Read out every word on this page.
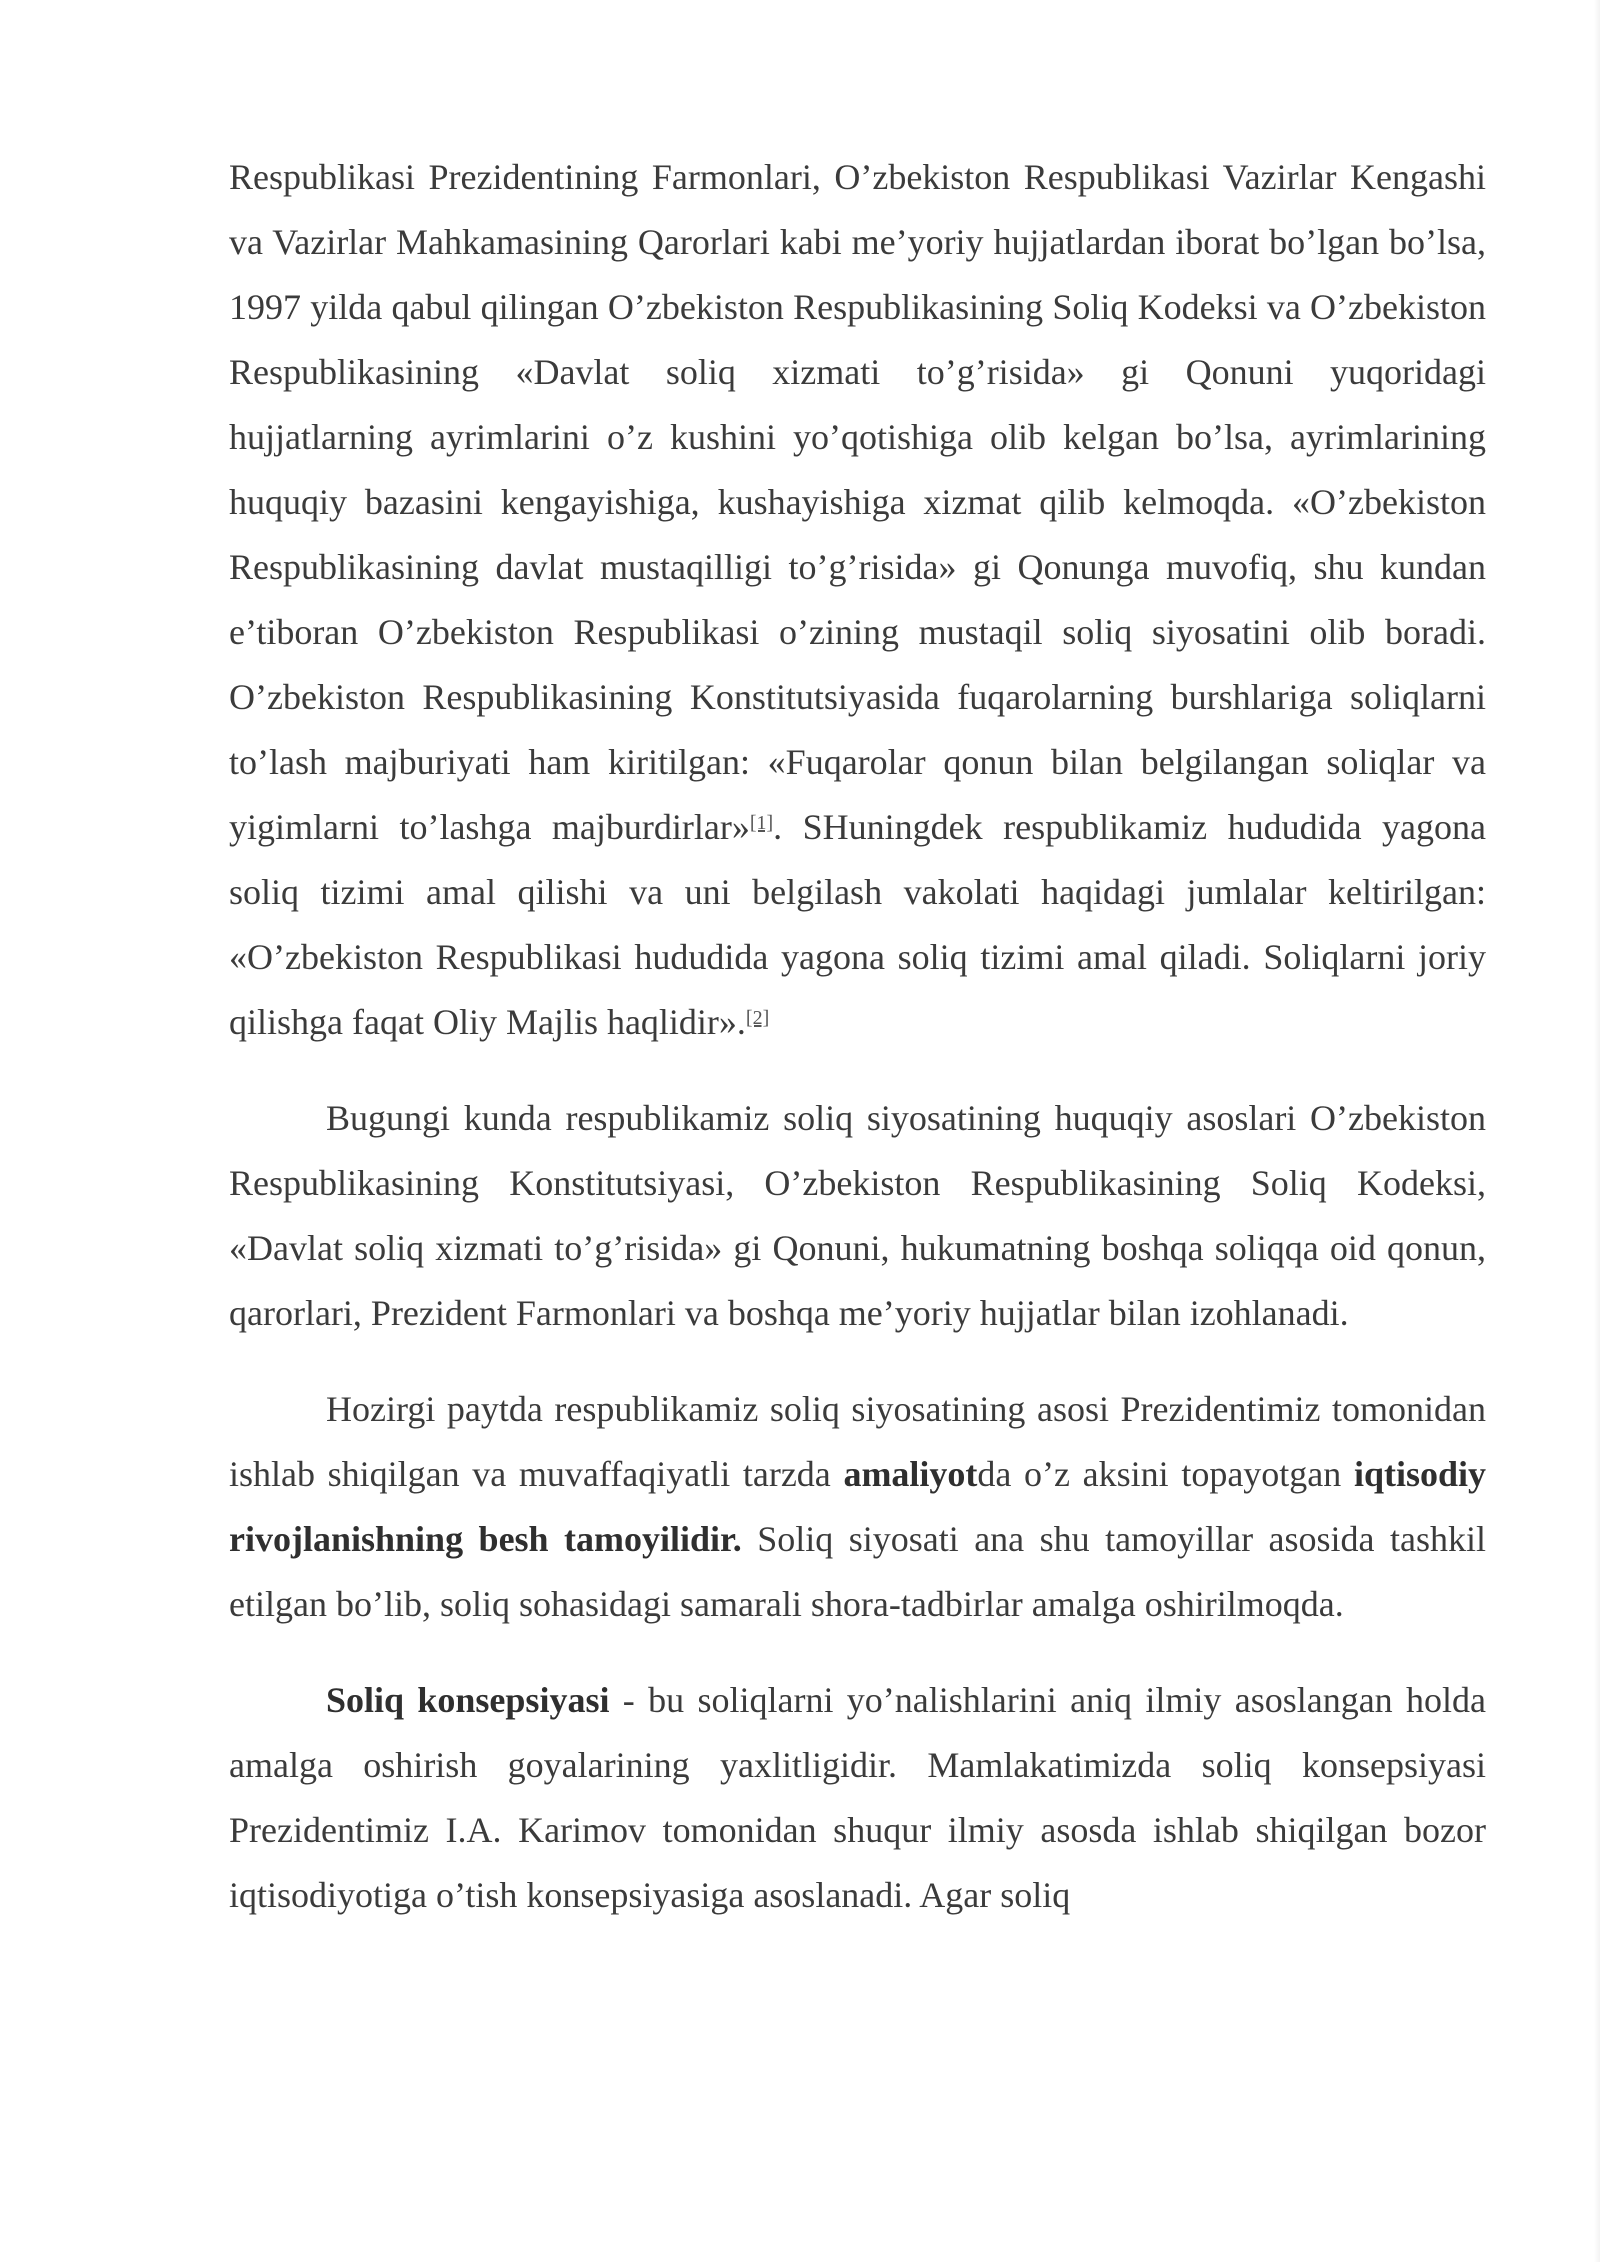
Respublikasi Prezidentining Farmonlari, O’zbekiston Respublikasi Vazirlar Kengashi va Vazirlar Mahkamasining Qarorlari kabi me’yoriy hujjatlardan iborat bo’lgan bo’lsa, 1997 yilda qabul qilingan O’zbekiston Respublikasining Soliq Kodeksi va O’zbekiston Respublikasining «Davlat soliq xizmati to’g’risida» gi Qonuni yuqoridagi hujjatlarning ayrimlarini o’z kushini yo’qotishiga olib kelgan bo’lsa, ayrimlarining huquqiy bazasini kengayishiga, kushayishiga xizmat qilib kelmoqda. «O’zbekiston Respublikasining davlat mustaqilligi to’g’risida» gi Qonunga muvofiq, shu kundan e’tiboran O’zbekiston Respublikasi o’zining mustaqil soliq siyosatini olib boradi. O’zbekiston Respublikasining Konstitutsiyasida fuqarolarning burshlariga soliqlarni to’lash majburiyati ham kiritilgan: «Fuqarolar qonun bilan belgilangan soliqlar va yigimlarni to’lashga majburdirlar»[1]. SHuningdek respublikamiz hududida yagona soliq tizimi amal qilishi va uni belgilash vakolati haqidagi jumlalar keltirilgan: «O’zbekiston Respublikasi hududida yagona soliq tizimi amal qiladi. Soliqlarni joriy qilishga faqat Oliy Majlis haqlidir».[2]

Bugungi kunda respublikamiz soliq siyosatining huquqiy asoslari O’zbekiston Respublikasining Konstitutsiyasi, O’zbekiston Respublikasining Soliq Kodeksi, «Davlat soliq xizmati to’g’risida» gi Qonuni, hukumatning boshqa soliqqa oid qonun, qarorlari, Prezident Farmonlari va boshqa me’yoriy hujjatlar bilan izohlanadi.

Hozirgi paytda respublikamiz soliq siyosatining asosi Prezidentimiz tomonidan ishlab shiqilgan va muvaffaqiyatli tarzda amaliyotda o’z aksini topayotgan iqtisodiy rivojlanishning besh tamoyilidir. Soliq siyosati ana shu tamoyillar asosida tashkil etilgan bo’lib, soliq sohasidagi samarali shora-tadbirlar amalga oshirilmoqda.

Soliq konsepsiyasi - bu soliqlarni yo’nalishlarini aniq ilmiy asoslangan holda amalga oshirish goyalarining yaxlitligidir. Mamlakatimizda soliq konsepsiyasi Prezidentimiz I.A. Karimov tomonidan shuqur ilmiy asosda ishlab shiqilgan bozor iqtisodiyotiga o’tish konsepsiyasiga asoslanadi. Agar soliq
